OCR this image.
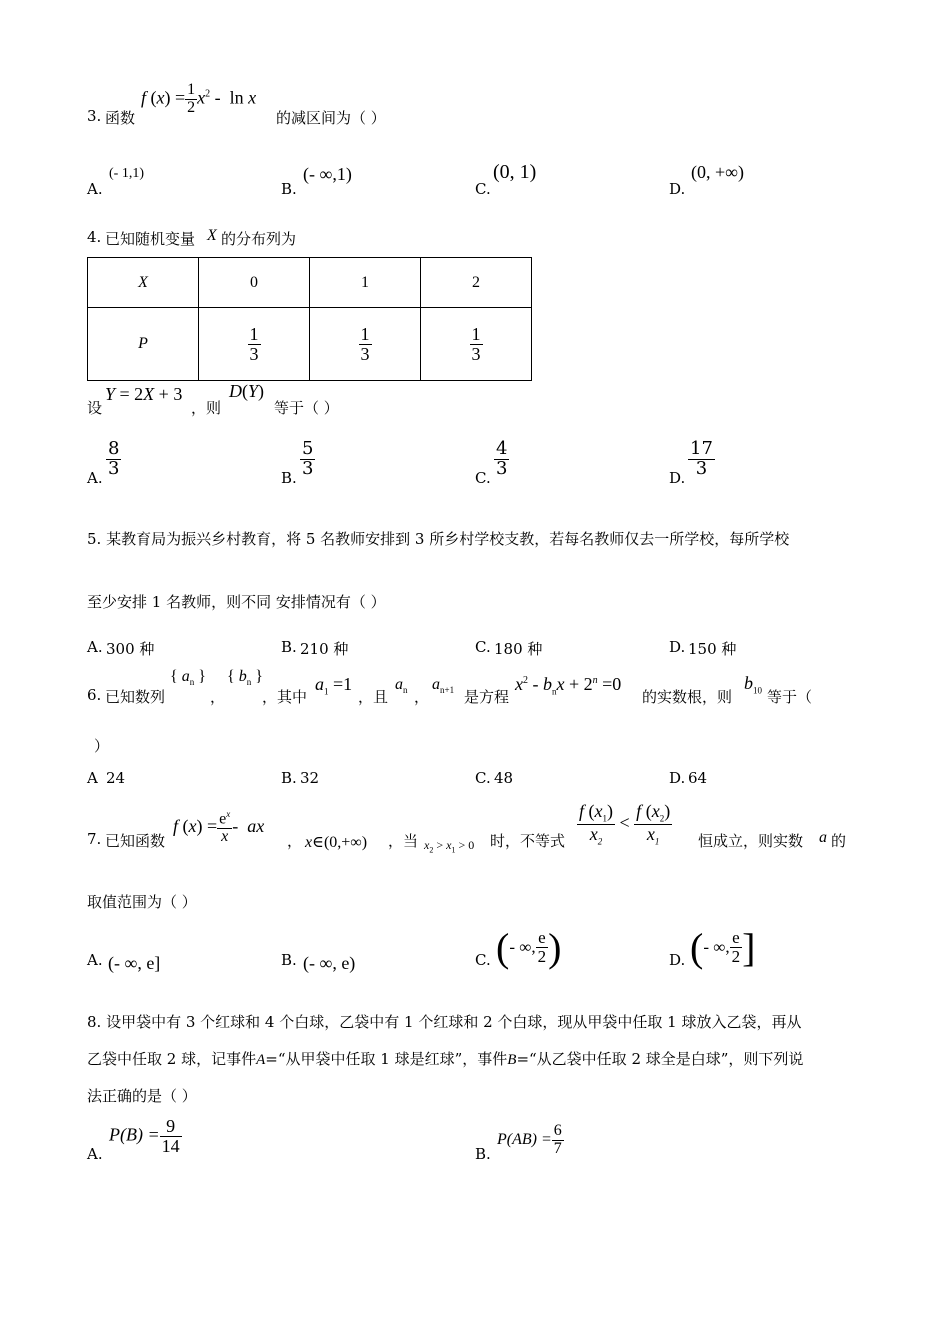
3. 函数
f $(x) = \frac{1}{2} x^2 - \ln x$
的减区间为（ ）
A.
(- 1,1)
B.
(- ∞,1)
C.
(0, 1)
D.
(0, +∞)
4. 已知随机变量 X 的分布列为
X	0	1	2
P	$\frac{1}{3}$	$\frac{1}{3}$	$\frac{1}{3}$
设
Y = 2X + 3
，则
D(Y)
等于（ ）
A. $\frac{8}{3}$	B. $\frac{5}{3}$	C. $\frac{4}{3}$	D. $\frac{17}{3}$
5. 某教育局为振兴乡村教育，将 5 名教师安排到 3 所乡村学校支教，若每名教师仅去一所学校，每所学校
至少安排 1 名教师，则不同 安排情况有（ ）
A. 300 种	B. 210 种	C. 180 种	D. 150 种
6. 已知数列
{ $a_n$ }
，
{ $b_n$ }
，其中
$a_1 =1$
，且
$a_n$ ，
$a_{n+1}$ 是方程
$x^2 - b_nx + 2^n =0$
的实数根，则
$b_{10}$ 等于（
）
A 24	B. 32	C. 48	D. 64
7. 已知函数
f $(x) = \frac{e^x}{x}$ -  ax
， x∈(0,+∞) ，当 $x_2 > x_1 > 0$ 时，不等式 $\frac{f (x_1)}{x_2} < \frac{f (x_2)}{x_1}$ 恒成立，则实数 a 的
取值范围为（ ）
A. (- ∞, e]	B. (- ∞, e)	C. (- ∞, $\frac{e}{2}$ )	D. (- ∞, $\frac{e}{2}$ ]
8. 设甲袋中有 3 个红球和 4 个白球，乙袋中有 1 个红球和 2 个白球，现从甲袋中任取 1 球放入乙袋，再从
乙袋中任取 2 球，记事件A=“从甲袋中任取 1 球是红球”，事件B=“从乙袋中任取 2 球全是白球”，则下列说
法正确的是（ ）
A.
$P(B) = \frac{9}{14}$	B.
$P(AB) = \frac{6}{7}$
